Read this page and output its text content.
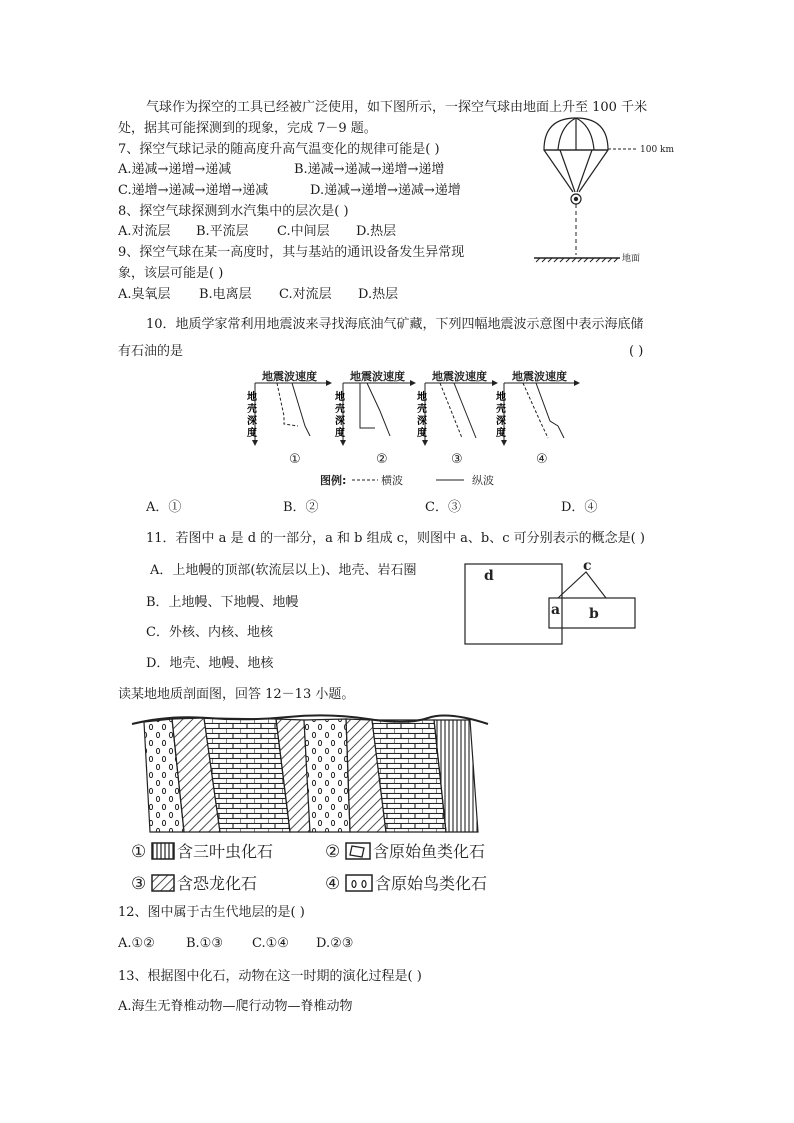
气球作为探空的工具已经被广泛使用，如下图所示，一探空气球由地面上升至 100 千米
处，据其可能探测到的现象，完成 7－9 题。
7、探空气球记录的随高度升高气温变化的规律可能是( )
A.递减→递增→递减	B.递减→递减→递增→递增
C.递增→递减→递增→递减	D.递减→递增→递减→递增
8、探空气球探测到水汽集中的层次是( )
A.对流层 B.平流层 C.中间层 D.热层
9、探空气球在某一高度时，其与基站的通讯设备发生异常现
象，该层可能是( )
A.臭氧层 B.电离层 C.对流层 D.热层
100 km
地面
10．地质学家常利用地震波来寻找海底油气矿藏，下列四幅地震波示意图中表示海底储
有石油的是	( )
地震波速度
地
壳
深
度
①
地震波速度
地
壳
深
度
②
地震波速度
地
壳
深
度
③
地震波速度
地
壳
深
度
④
图例:	横波	纵波
A．①	B．②	C．③	D．④
11．若图中 a 是 d 的一部分，a 和 b 组成 c，则图中 a、b、c 可分别表示的概念是( )
A．上地幔的顶部(软流层以上)、地壳、岩石圈
B．上地幔、下地幔、地幔
C．外核、内核、地核
D．地壳、地幔、地核
d
c
a b
读某地地质剖面图，回答 12－13 小题。
① 含三叶虫化石	② 含原始鱼类化石
③ 含恐龙化石	④ 含原始鸟类化石
12、图中属于古生代地层的是( )
A.①② B.①③ C.①④ D.②③
13、根据图中化石，动物在这一时期的演化过程是( )
A.海生无脊椎动物—爬行动物—脊椎动物
